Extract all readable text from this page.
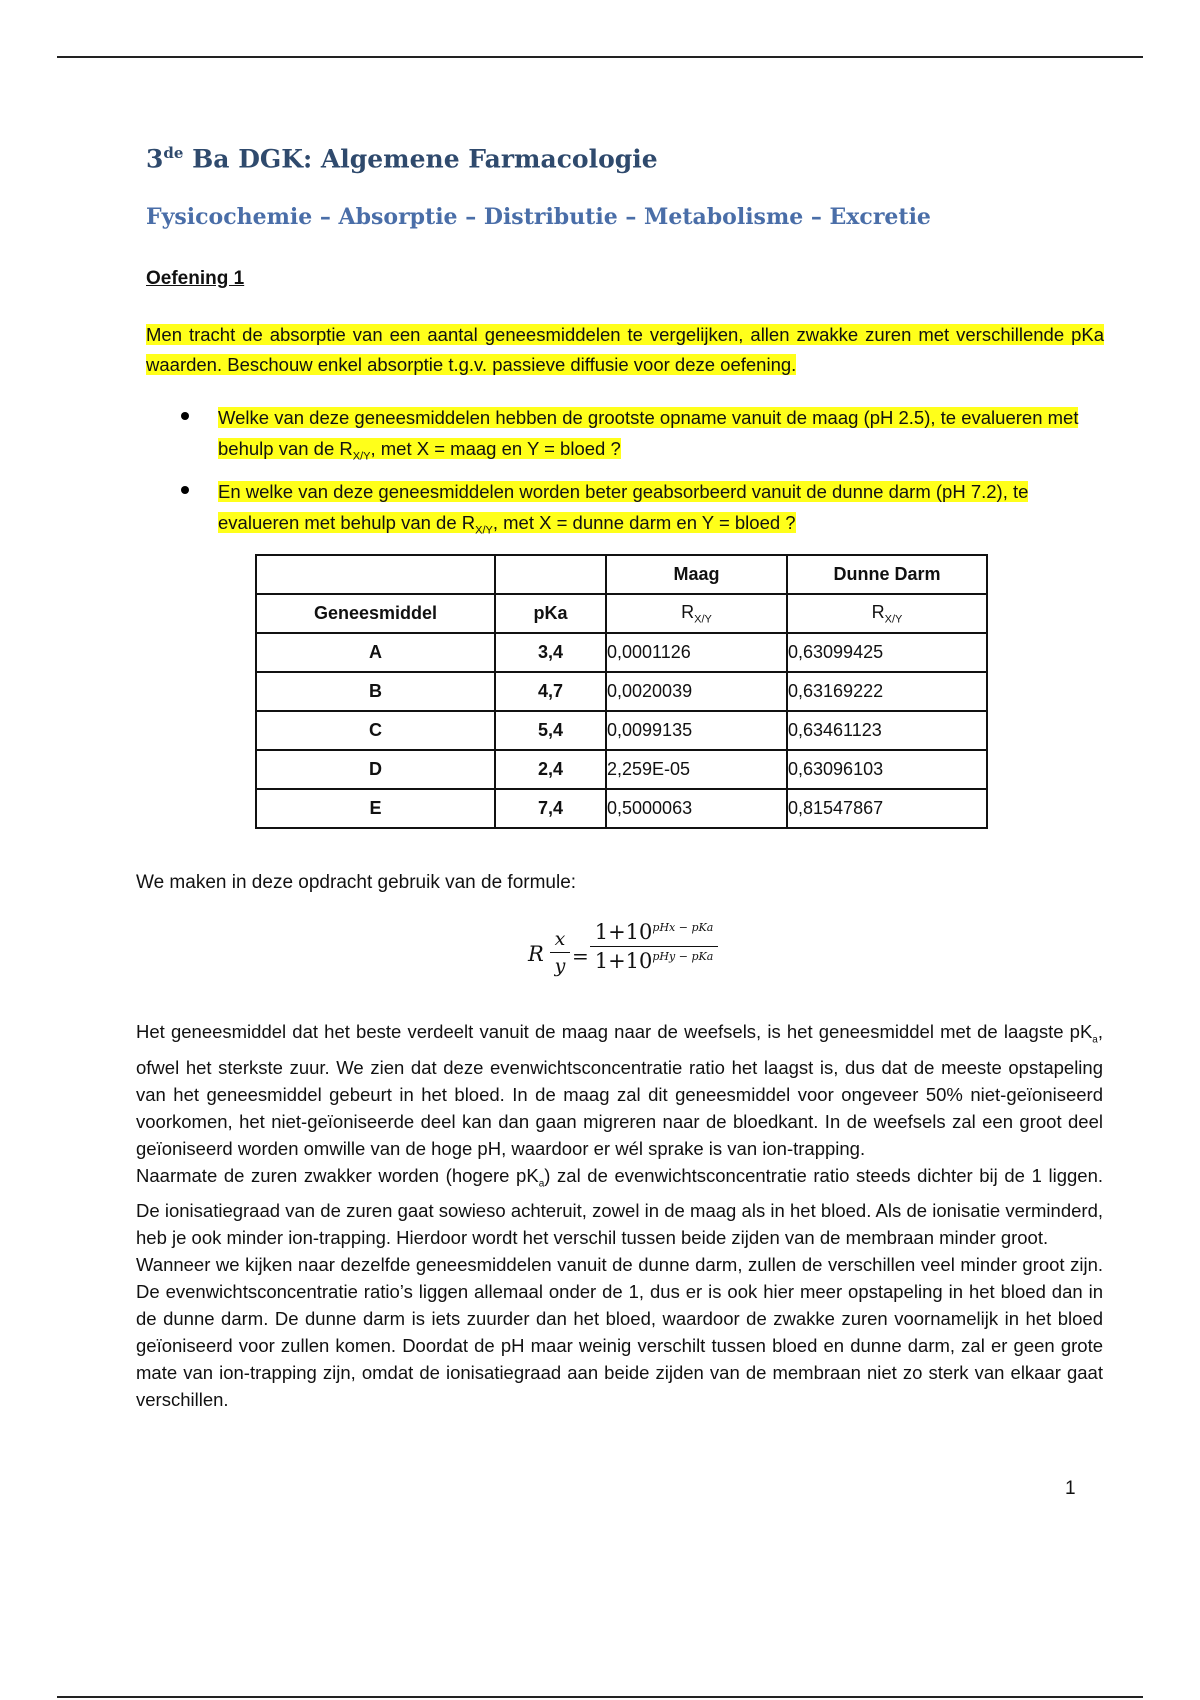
3de Ba DGK: Algemene Farmacologie
Fysicochemie – Absorptie – Distributie – Metabolisme – Excretie
Oefening 1

Men tracht de absorptie van een aantal geneesmiddelen te vergelijken, allen zwakke zuren met verschillende pKa waarden. Beschouw enkel absorptie t.g.v. passieve diffusie voor deze oefening.

Welke van deze geneesmiddelen hebben de grootste opname vanuit de maag (pH 2.5), te evalueren met behulp van de $R_{X/Y}$, met X = maag en Y = bloed ?
En welke van deze geneesmiddelen worden beter geabsorbeerd vanuit de dunne darm (pH 7.2), te evalueren met behulp van de $R_{X/Y}$, met X = dunne darm en Y = bloed ?
		Maag	Dunne Darm
Geneesmiddel	pKa	$R_{X/Y}$	$R_{X/Y}$
A	3,4	0,0001126	0,63099425
B	4,7	0,0020039	0,63169222
C	5,4	0,0099135	0,63461123
D	2,4	2,259E-05	0,63096103
E	7,4	0,5000063	0,81547867

We maken in deze opdracht gebruik van de formule:

R
x
y =
$1+10^{pHx - pKa}$
$1+10^{pHy - pKa}$

Het geneesmiddel dat het beste verdeelt vanuit de maag naar de weefsels, is het geneesmiddel met de laagste $pK_a$, ofwel het sterkste zuur. We zien dat deze evenwichtsconcentratie ratio het laagst is, dus dat de meeste opstapeling van het geneesmiddel gebeurt in het bloed. In de maag zal dit geneesmiddel voor ongeveer 50% niet-geïoniseerd voorkomen, het niet-geïoniseerde deel kan dan gaan migreren naar de bloedkant. In de weefsels zal een groot deel geïoniseerd worden omwille van de hoge pH, waardoor er wél sprake is van ion-trapping.

Naarmate de zuren zwakker worden (hogere $pK_a$) zal de evenwichtsconcentratie ratio steeds dichter bij de 1 liggen. De ionisatiegraad van de zuren gaat sowieso achteruit, zowel in de maag als in het bloed. Als de ionisatie verminderd, heb je ook minder ion-trapping. Hierdoor wordt het verschil tussen beide zijden van de membraan minder groot.

Wanneer we kijken naar dezelfde geneesmiddelen vanuit de dunne darm, zullen de verschillen veel minder groot zijn. De evenwichtsconcentratie ratio’s liggen allemaal onder de 1, dus er is ook hier meer opstapeling in het bloed dan in de dunne darm. De dunne darm is iets zuurder dan het bloed, waardoor de zwakke zuren voornamelijk in het bloed geïoniseerd voor zullen komen. Doordat de pH maar weinig verschilt tussen bloed en dunne darm, zal er geen grote mate van ion-trapping zijn, omdat de ionisatiegraad aan beide zijden van de membraan niet zo sterk van elkaar gaat verschillen.

1
